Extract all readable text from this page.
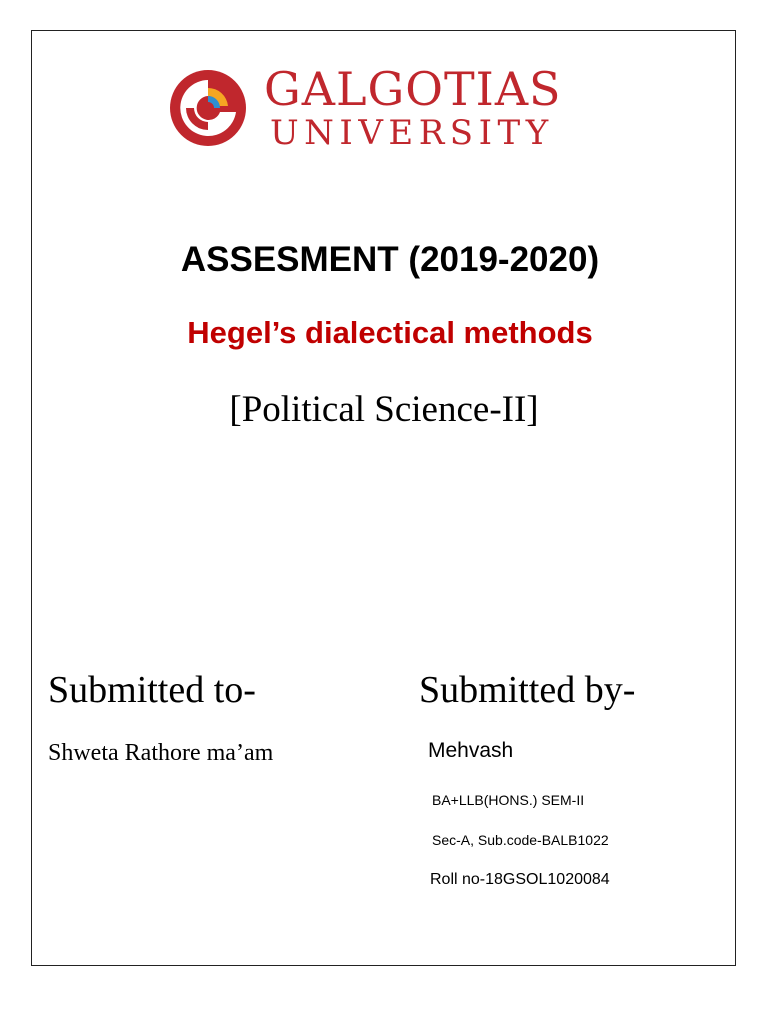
GALGOTIAS
UNIVERSITY
ASSESMENT (2019-2020)
Hegel’s dialectical methods
[Political Science-II]
Submitted to-	Submitted by-
Shweta Rathore ma’am	Mehvash
BA+LLB(HONS.) SEM-II
Sec-A, Sub.code-BALB1022
Roll no-18GSOL1020084
